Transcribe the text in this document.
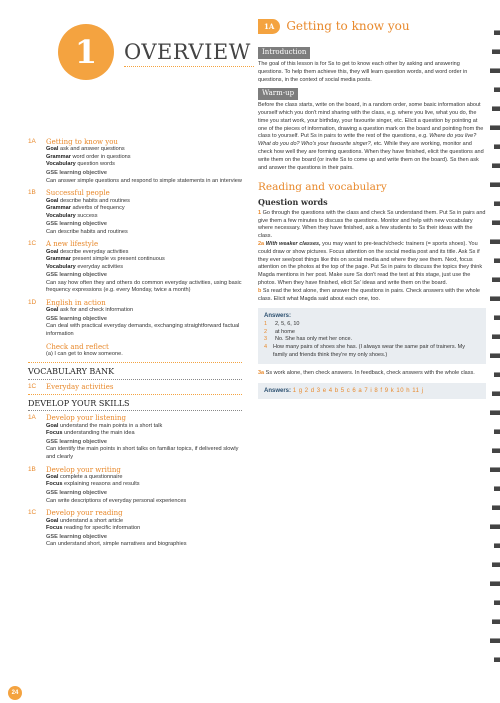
1 OVERVIEW
1A	Getting to know you
Goal ask and answer questions
Grammar word order in questions
Vocabulary question words
GSE learning objective
Can answer simple questions and respond to simple statements in an interview
1B	Successful people
Goal describe habits and routines
Grammar adverbs of frequency
Vocabulary success
GSE learning objective
Can describe habits and routines
1C	A new lifestyle
Goal describe everyday activities
Grammar present simple vs present continuous
Vocabulary everyday activities
GSE learning objective
Can say how often they and others do common everyday activities, using basic frequency expressions (e.g. every Monday, twice a month)
1D	English in action
Goal ask for and check information
GSE learning objective
Can deal with practical everyday demands, exchanging straightforward factual information
Check and reflect
(a) I can get to know someone.
VOCABULARY BANK
1C	Everyday activities
DEVELOP YOUR SKILLS
1A	Develop your listening
Goal understand the main points in a short talk
Focus understanding the main idea
GSE learning objective
Can identify the main points in short talks on familiar topics, if delivered slowly and clearly
1B	Develop your writing
Goal complete a questionnaire
Focus explaining reasons and results
GSE learning objective
Can write descriptions of everyday personal experiences
1C	Develop your reading
Goal understand a short article
Focus reading for specific information
GSE learning objective
Can understand short, simple narratives and biographies
1A	Getting to know you
Introduction

The goal of this lesson is for Ss to get to know each other by asking and answering questions. To help them achieve this, they will learn question words, and word order in questions, in the context of social media posts.

Warm-up

Before the class starts, write on the board, in a random order, some basic information about yourself which you don't mind sharing with the class, e.g. where you live, what you do, the time you start work, your birthday, your favourite singer, etc. Elicit a question by pointing at one of the pieces of information, drawing a question mark on the board and pointing from the class to yourself. Put Ss in pairs to write the rest of the questions, e.g. Where do you live? What do you do? Who's your favourite singer?, etc. While they are working, monitor and check how well they are forming questions. When they have finished, elicit the questions and write them on the board (or invite Ss to come up and write them on the board). Ss then ask and answer the questions in their pairs.

Reading and vocabulary
Question words

1 Go through the questions with the class and check Ss understand them. Put Ss in pairs and give them a few minutes to discuss the questions. Monitor and help with new vocabulary where necessary. When they have finished, ask a few students to Ss their ideas with the class.

2a With weaker classes, you may want to pre-teach/check: trainers (= sports shoes). You could draw or show pictures. Focus attention on the social media post and its title. Ask Ss if they ever see/post things like this on social media and where they see them. Next, focus attention on the photos at the top of the page. Put Ss in pairs to discuss the topics they think Magda mentions in her post. Make sure Ss don't read the text at this stage, just use the photos. When they have finished, elicit Ss' ideas and write them on the board.

b Ss read the text alone, then answer the questions in pairs. Check answers with the whole class. Elicit what Magda said about each one, too.

Answers:
1	2, 5, 6, 10
2	at home
3	No. She has only met her once.
4 How many pairs of shoes she has. (I always wear the same pair of trainers. My family and friends think they're my only shoes.)

3a Ss work alone, then check answers. In feedback, check answers with the whole class.

Answers: 1 g 2 d 3 e 4 b 5 c 6 a 7 i 8 f 9 k 10 h 11 j
24
